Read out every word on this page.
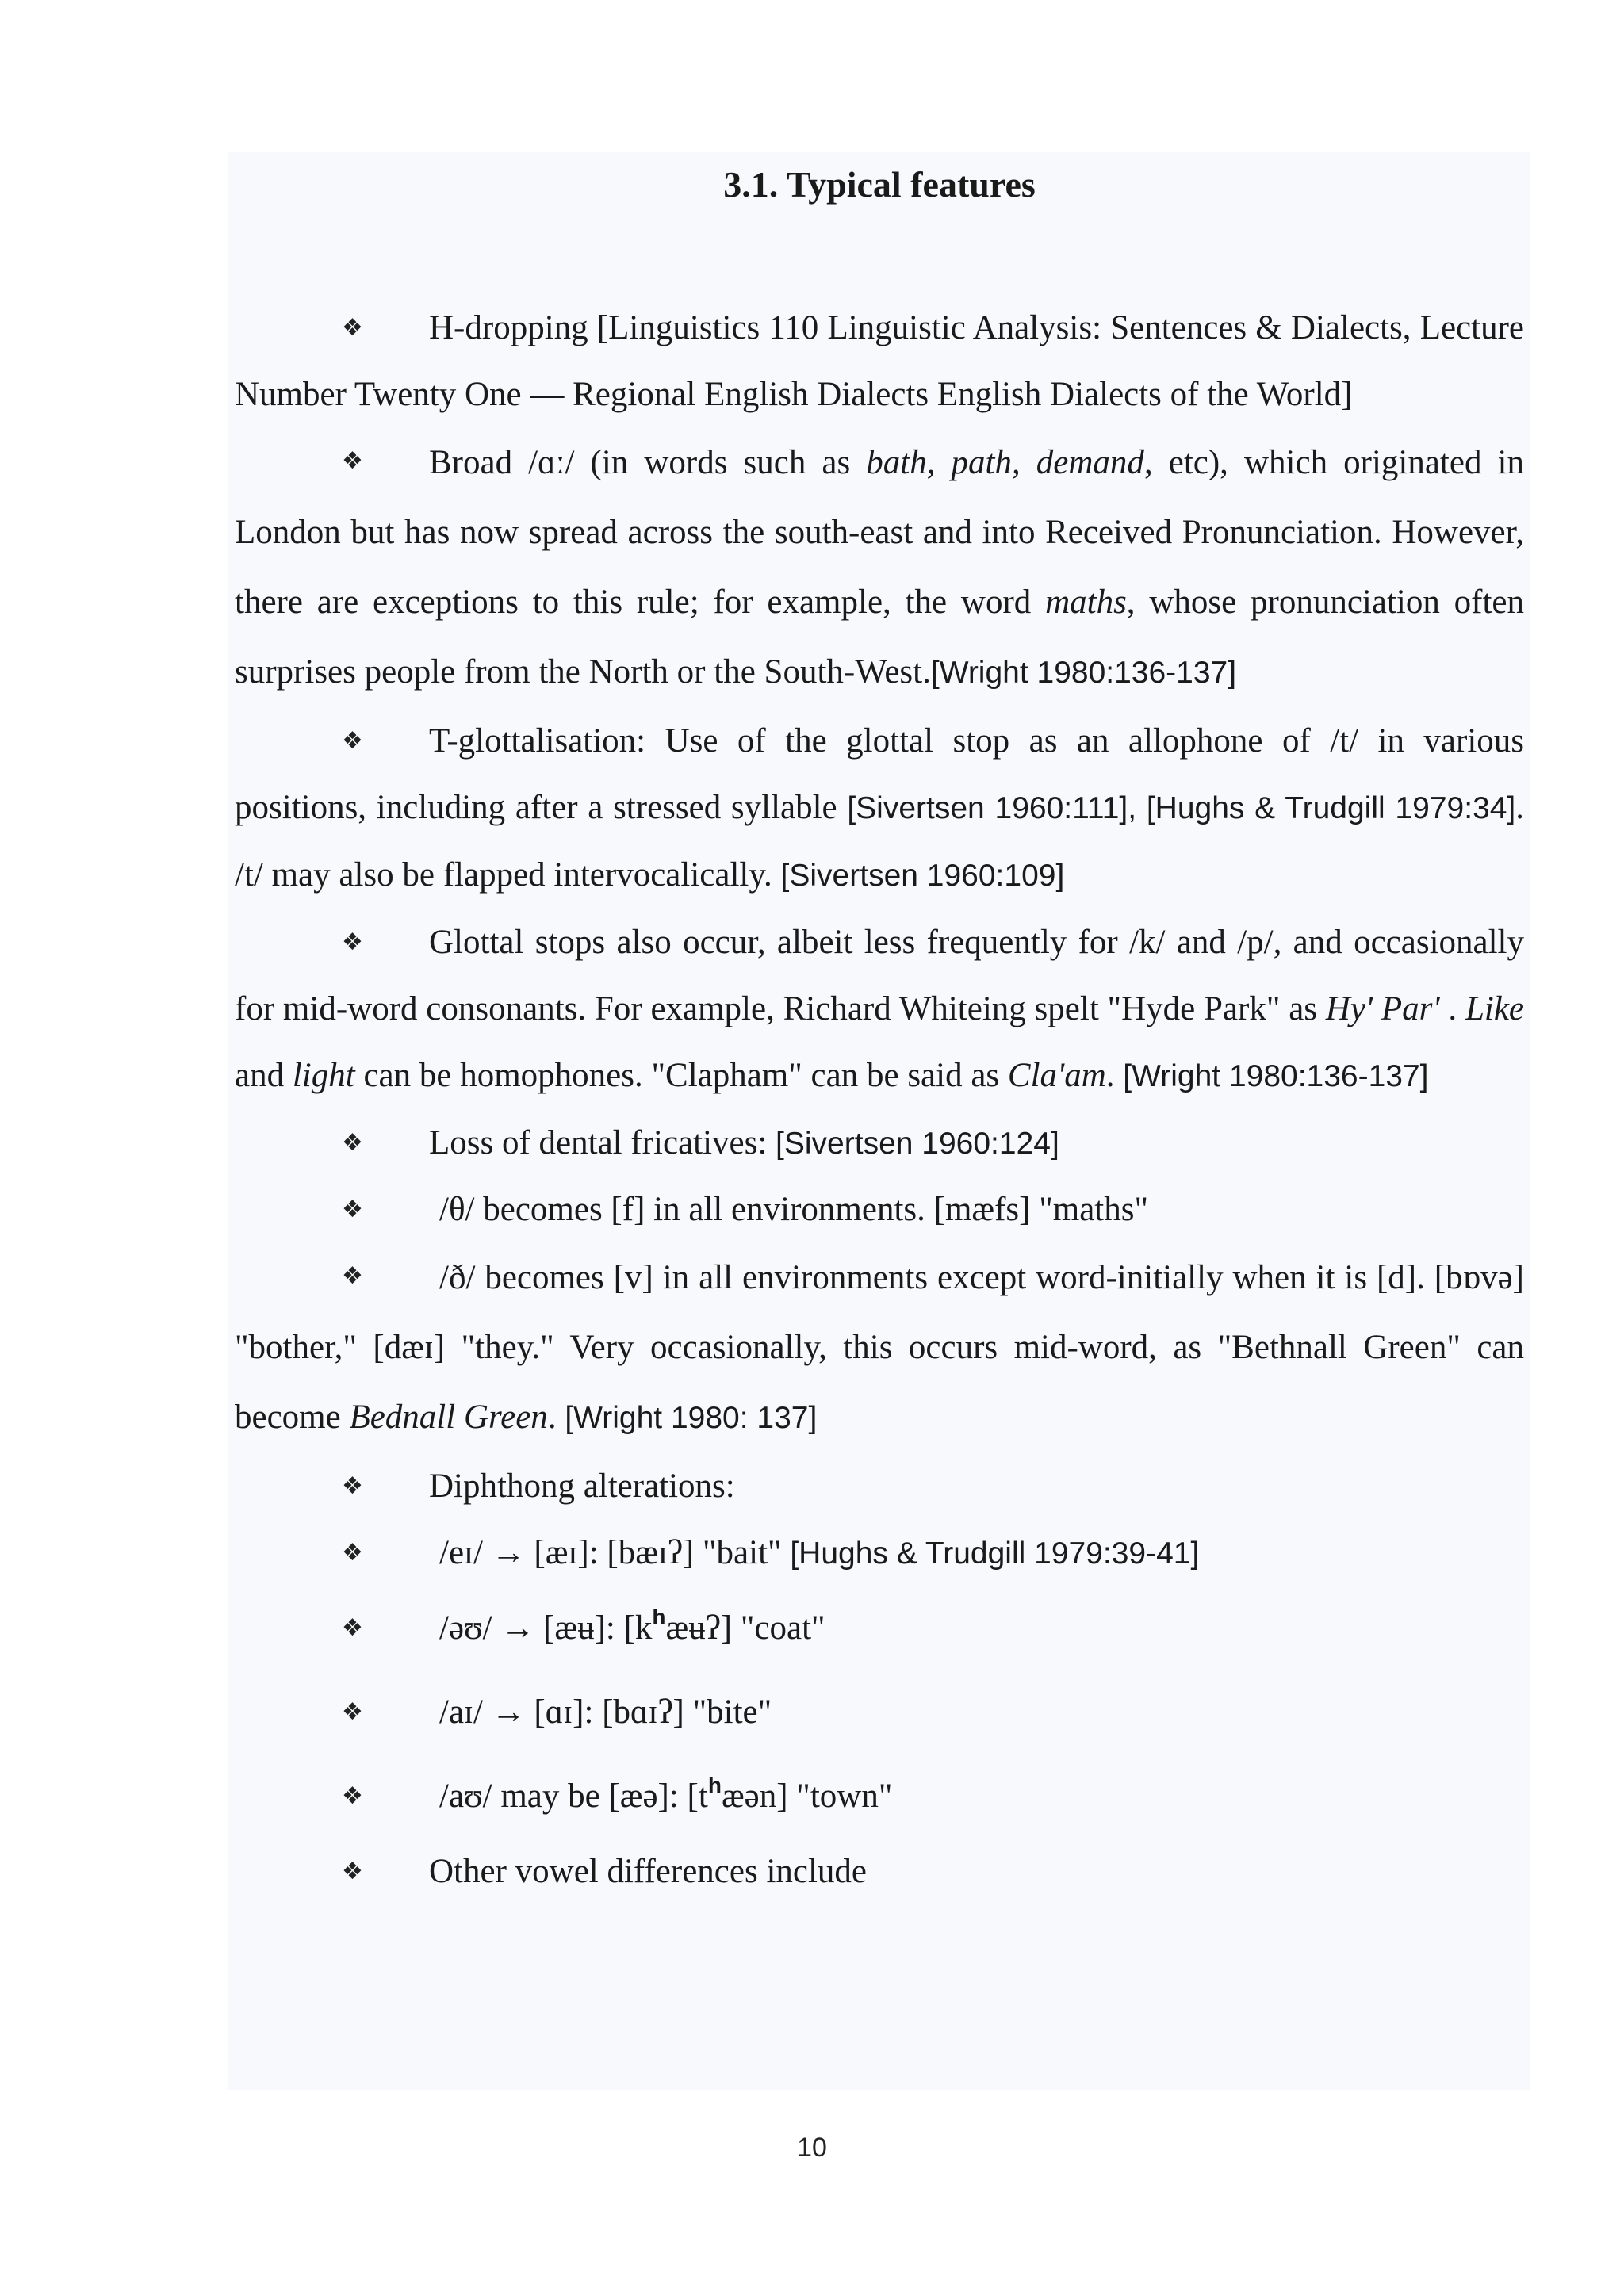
3.1. Typical features

❖ H-dropping [Linguistics 110 Linguistic Analysis: Sentences & Dialects, Lecture Number Twenty One — Regional English Dialects English Dialects of the World]

❖ Broad /ɑː/ (in words such as bath, path, demand, etc), which originated in London but has now spread across the south-east and into Received Pronunciation. However, there are exceptions to this rule; for example, the word maths, whose pronunciation often surprises people from the North or the South-West.[Wright 1980:136-137]

❖ T-glottalisation: Use of the glottal stop as an allophone of /t/ in various positions, including after a stressed syllable [Sivertsen 1960:111], [Hughs & Trudgill 1979:34]. /t/ may also be flapped intervocalically. [Sivertsen 1960:109]

❖ Glottal stops also occur, albeit less frequently for /k/ and /p/, and occasionally for mid-word consonants. For example, Richard Whiteing spelt "Hyde Park" as Hy' Par' . Like and light can be homophones. "Clapham" can be said as Cla'am. [Wright 1980:136-137]

❖ Loss of dental fricatives: [Sivertsen 1960:124]
❖ /θ/ becomes [f] in all environments. [mæfs] "maths"

❖ /ð/ becomes [v] in all environments except word-initially when it is [d]. [bɒvə] "bother," [dæɪ] "they." Very occasionally, this occurs mid-word, as "Bethnall Green" can become Bednall Green. [Wright 1980: 137]

❖ Diphthong alterations:
❖ /eɪ/ → [æɪ]: [bæɪʔ] "bait" [Hughs & Trudgill 1979:39-41]
❖ /əʊ/ → [æʉ]: $[k^hæʉʔ]$ "coat"
❖ /aɪ/ → [ɑɪ]: [bɑɪʔ] "bite"
❖ /aʊ/ may be [æə]: $[t^hæən]$ "town"
❖ Other vowel differences include
10
